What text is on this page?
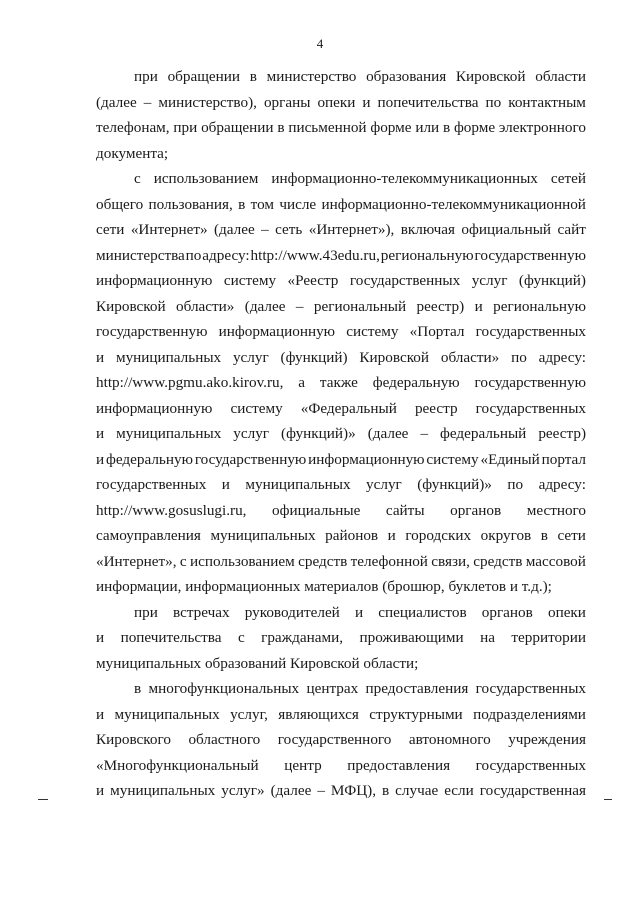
4
при обращении в министерство образования Кировской области
(далее – министерство), органы опеки и попечительства по контактным
телефонам, при обращении в письменной форме или в форме электронного
документа;
с использованием информационно-телекоммуникационных сетей
общего пользования, в том числе информационно-телекоммуникационной
сети «Интернет» (далее – сеть «Интернет»), включая официальный сайт
министерства по адресу: http://www.43edu.ru, региональную государственную
информационную систему «Реестр государственных услуг (функций)
Кировской области» (далее – региональный реестр) и региональную
государственную информационную систему «Портал государственных
и муниципальных услуг (функций) Кировской области» по адресу:
http://www.pgmu.ako.kirov.ru, а также федеральную государственную
информационную систему «Федеральный реестр государственных
и муниципальных услуг (функций)» (далее – федеральный реестр)
и федеральную государственную информационную систему «Единый портал
государственных и муниципальных услуг (функций)» по адресу:
http://www.gosuslugi.ru, официальные сайты органов местного
самоуправления муниципальных районов и городских округов в сети
«Интернет», с использованием средств телефонной связи, средств массовой
информации, информационных материалов (брошюр, буклетов и т.д.);
при встречах руководителей и специалистов органов опеки
и попечительства с гражданами, проживающими на территории
муниципальных образований Кировской области;
в многофункциональных центрах предоставления государственных
и муниципальных услуг, являющихся структурными подразделениями
Кировского областного государственного автономного учреждения
«Многофункциональный центр предоставления государственных
и муниципальных услуг» (далее – МФЦ), в случае если государственная
